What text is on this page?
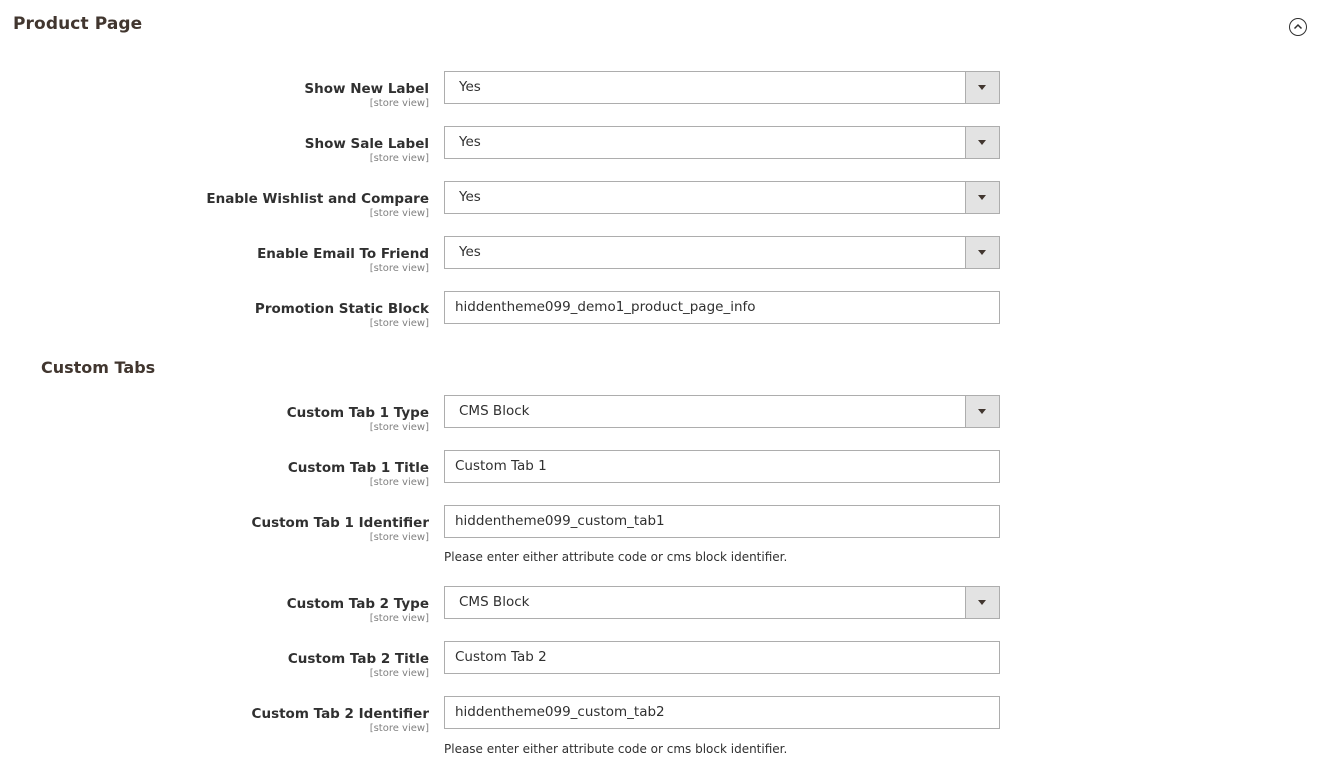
Product Page
Show New Label
[store view]
Yes
Show Sale Label
[store view]
Yes
Enable Wishlist and Compare
[store view]
Yes
Enable Email To Friend
[store view]
Yes
Promotion Static Block
[store view]
hiddentheme099_demo1_product_page_info
Custom Tabs
Custom Tab 1 Type
[store view]
CMS Block
Custom Tab 1 Title
[store view]
Custom Tab 1
Custom Tab 1 Identifier
[store view]
hiddentheme099_custom_tab1
Please enter either attribute code or cms block identifier.
Custom Tab 2 Type
[store view]
CMS Block
Custom Tab 2 Title
[store view]
Custom Tab 2
Custom Tab 2 Identifier
[store view]
hiddentheme099_custom_tab2
Please enter either attribute code or cms block identifier.
